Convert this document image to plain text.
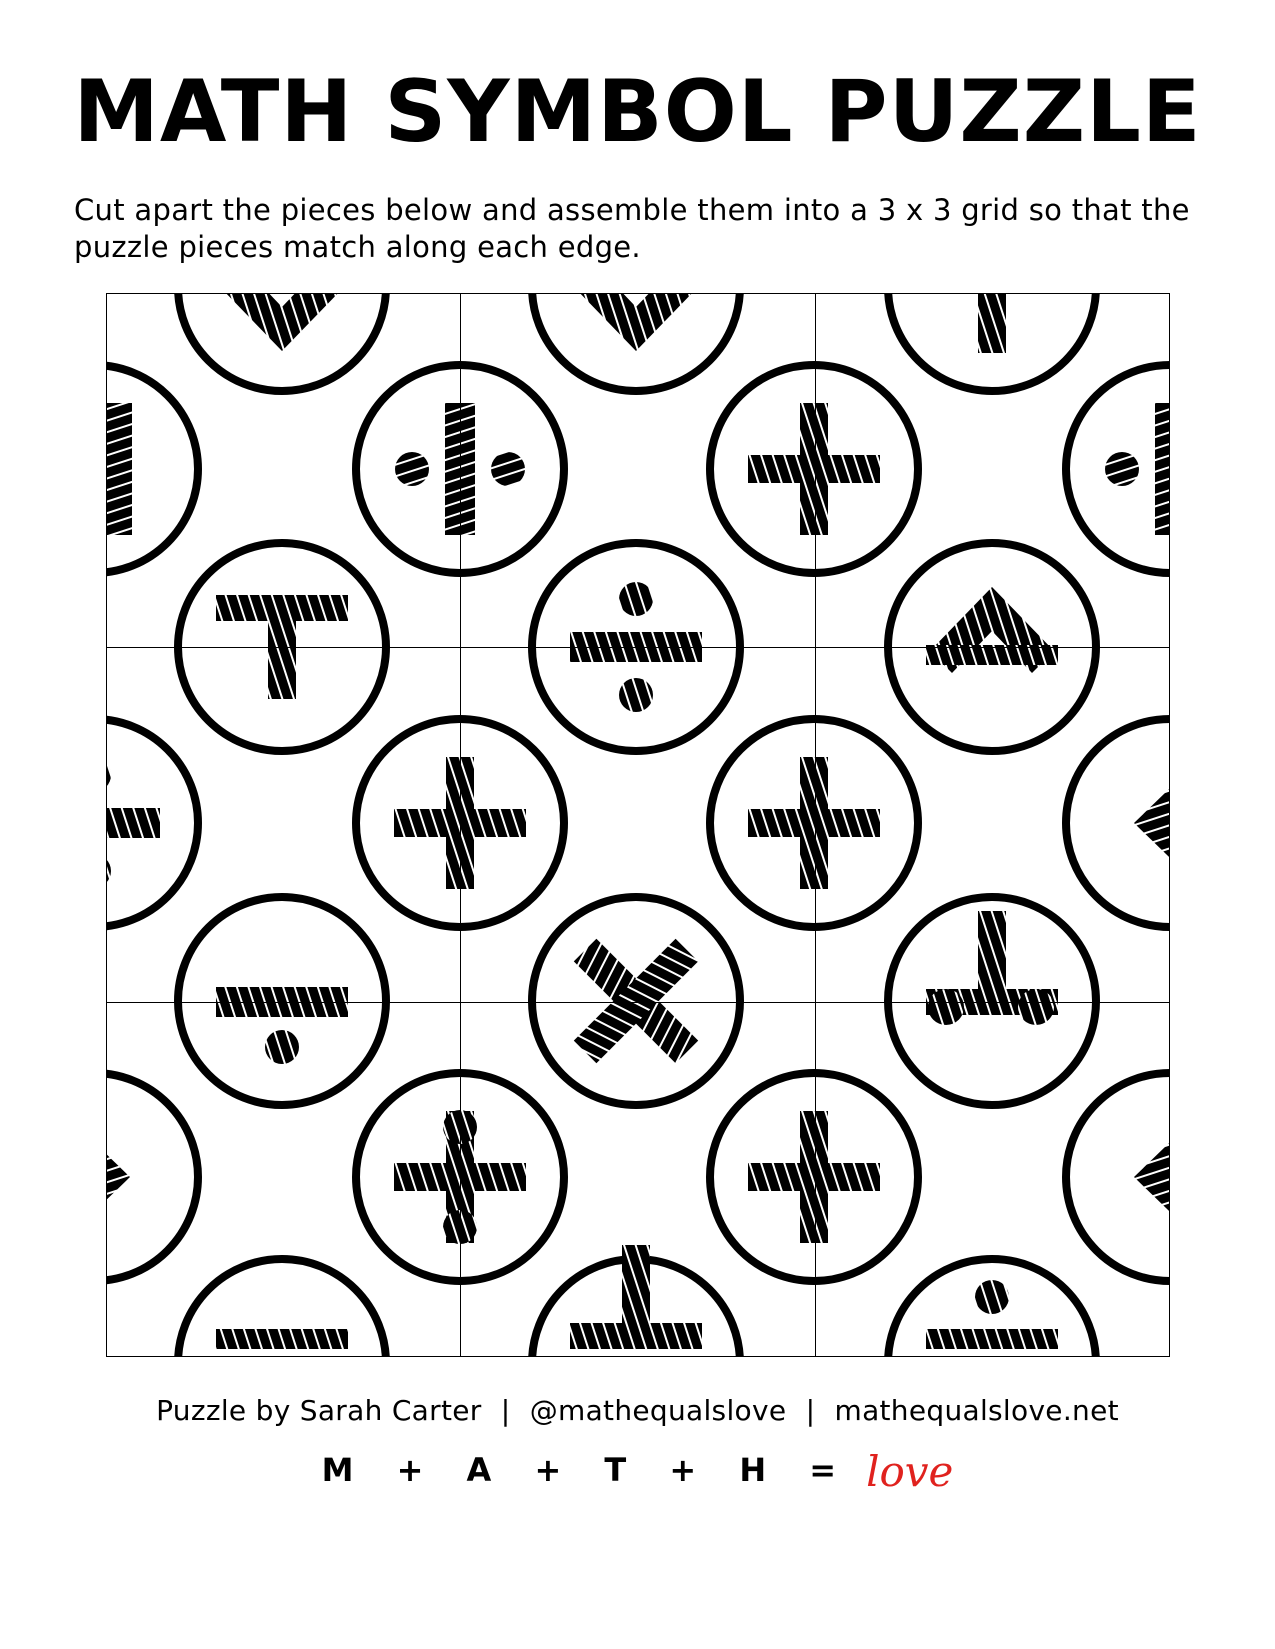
MATH SYMBOL PUZZLE

Cut apart the pieces below and assemble them into a 3 x 3 grid so that the puzzle pieces match along each edge.

Puzzle by Sarah Carter | @mathequalslove | mathequalslove.net
M + A + T + H = love
